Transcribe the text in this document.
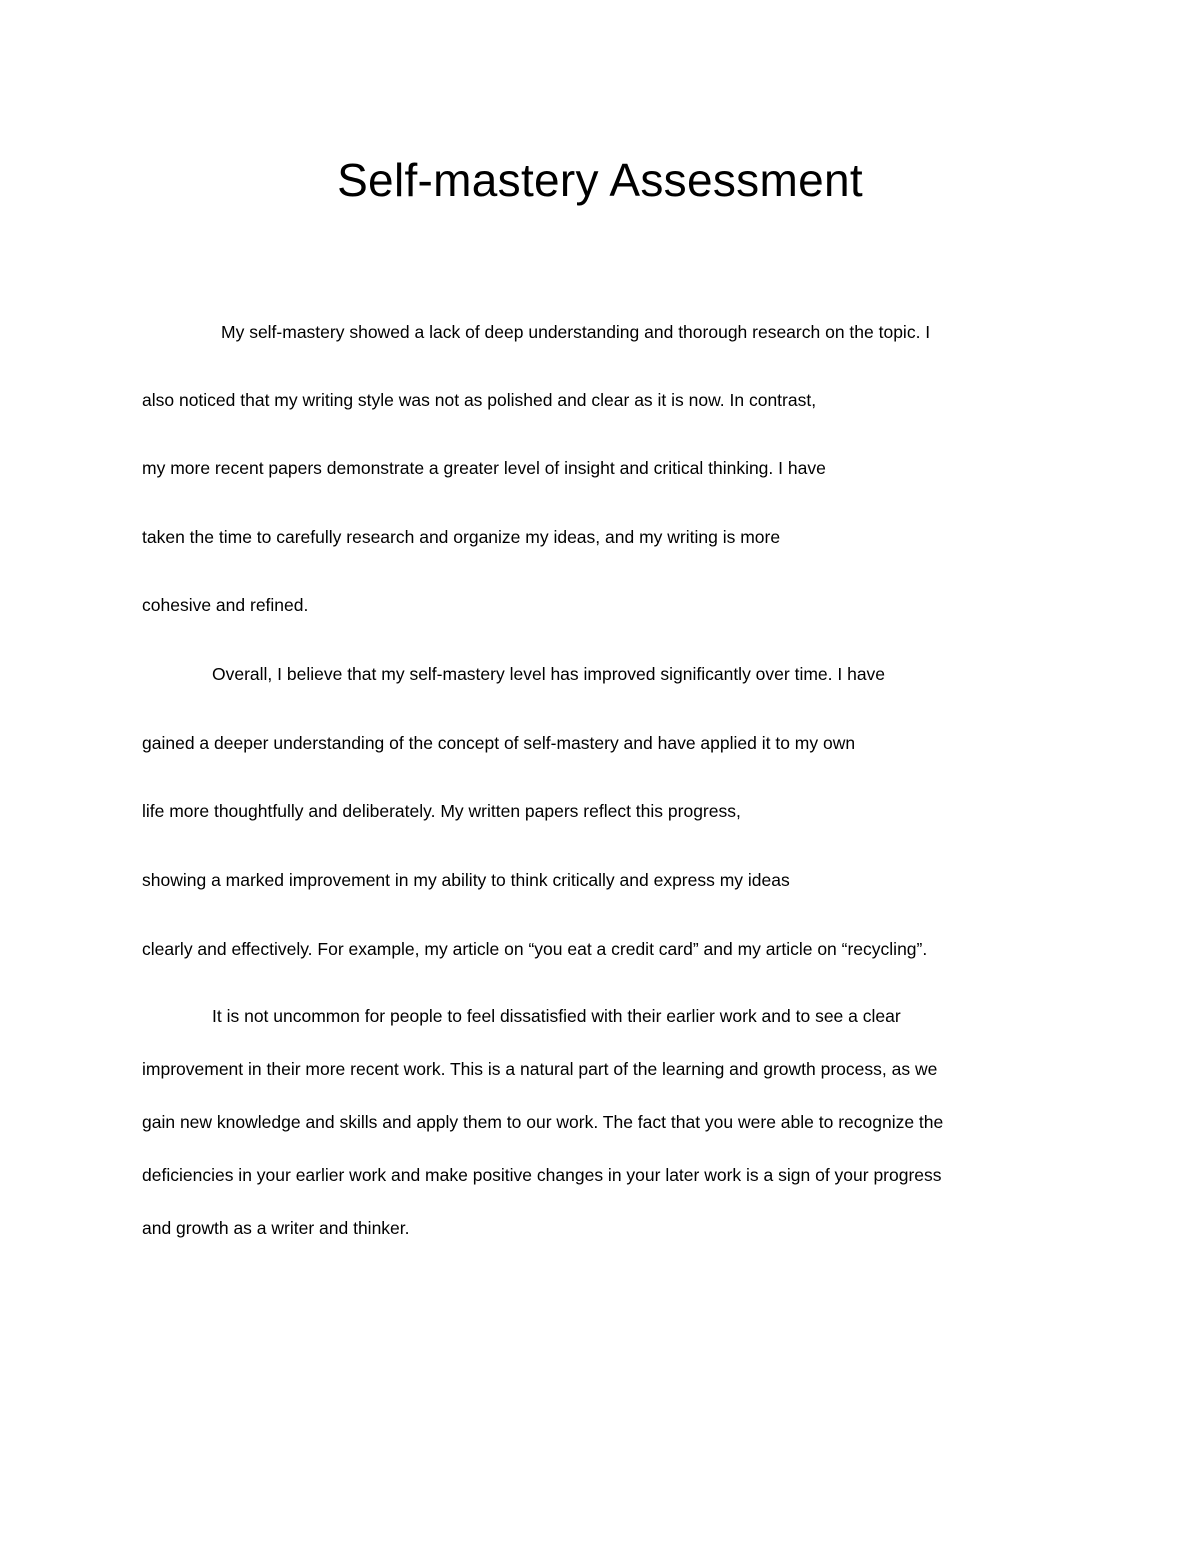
Self-mastery Assessment

My self-mastery showed a lack of deep understanding and thorough research on the topic. I

also noticed that my writing style was not as polished and clear as it is now. In contrast,

my more recent papers demonstrate a greater level of insight and critical thinking. I have

taken the time to carefully research and organize my ideas, and my writing is more

cohesive and refined.

Overall, I believe that my self-mastery level has improved significantly over time. I have

gained a deeper understanding of the concept of self-mastery and have applied it to my own

life more thoughtfully and deliberately. My written papers reflect this progress,

showing a marked improvement in my ability to think critically and express my ideas

clearly and effectively. For example, my article on “you eat a credit card” and my article on “recycling”.

It is not uncommon for people to feel dissatisfied with their earlier work and to see a clear

improvement in their more recent work. This is a natural part of the learning and growth process, as we

gain new knowledge and skills and apply them to our work. The fact that you were able to recognize the

deficiencies in your earlier work and make positive changes in your later work is a sign of your progress

and growth as a writer and thinker.
